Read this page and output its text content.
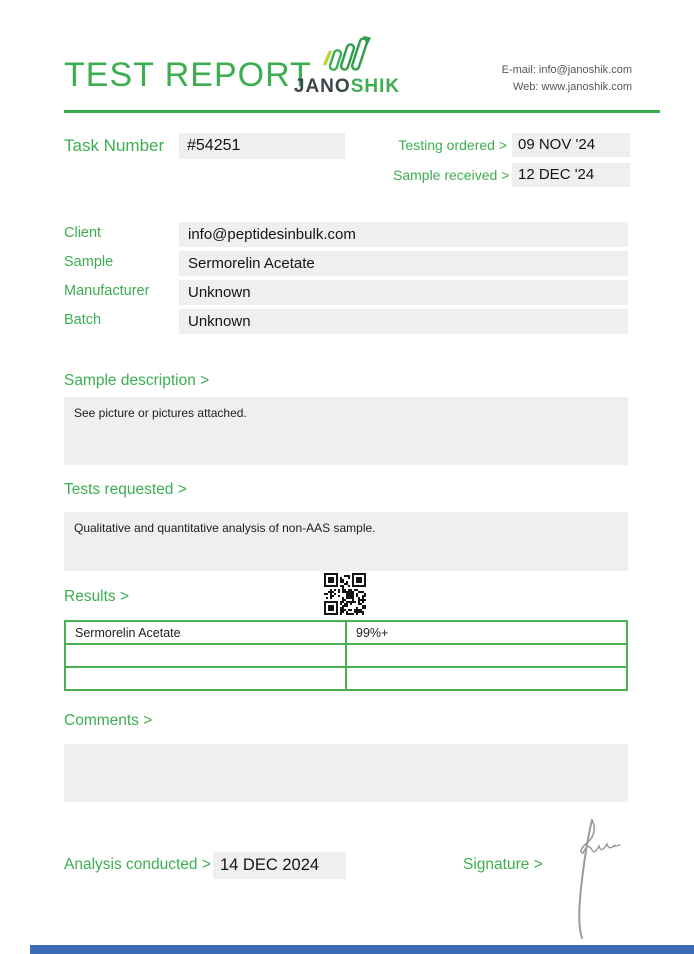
TEST REPORT
JANOSHIK
E-mail: info@janoshik.com
Web: www.janoshik.com
Task Number	#54251	Testing ordered > 09 NOV '24
Sample received > 12 DEC '24
Client	info@peptidesinbulk.com
Sample	Sermorelin Acetate
Manufacturer	Unknown
Batch	Unknown
Sample description >
See picture or pictures attached.
Tests requested >
Qualitative and quantitative analysis of non-AAS sample.
Results >
Sermorelin Acetate	99%+

Comments >
Analysis conducted > 14 DEC 2024	Signature >
